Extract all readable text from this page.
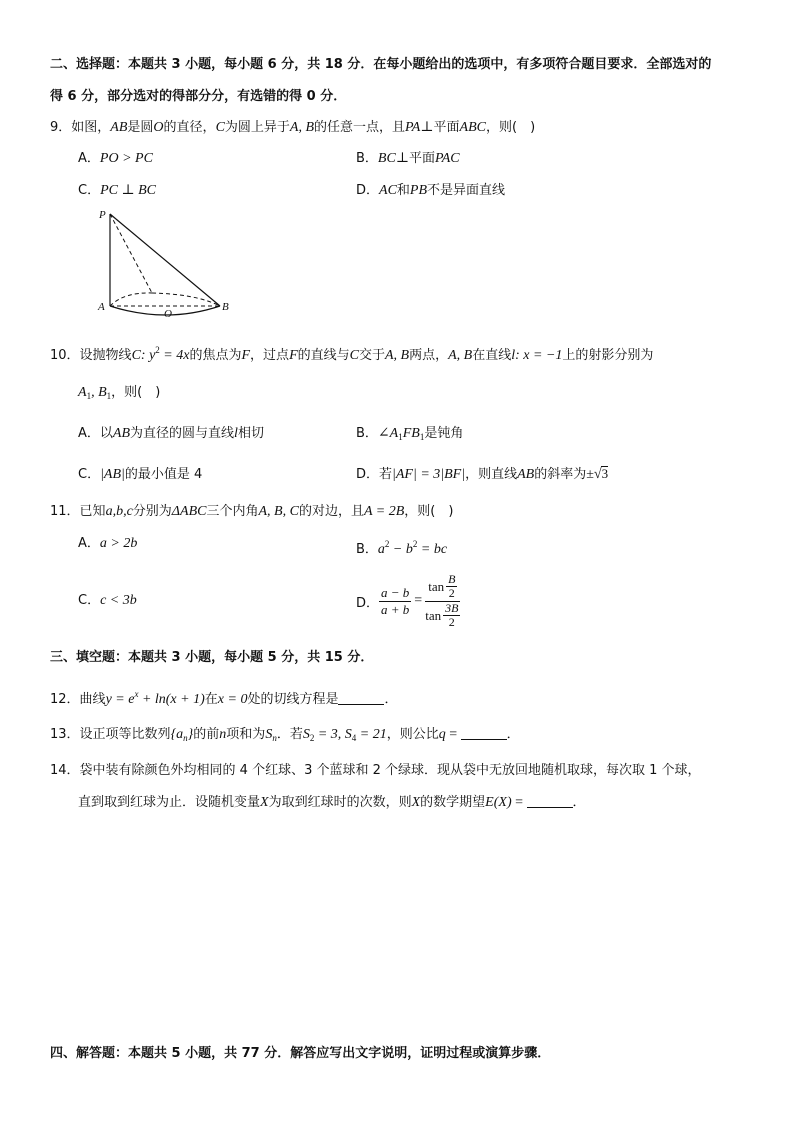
二、选择题：本题共 3 小题，每小题 6 分，共 18 分．在每小题给出的选项中，有多项符合题目要求．全部选对的
得 6 分，部分选对的得部分分，有选错的得 0 分．
9．如图，AB是圆O的直径，C为圆上异于A, B的任意一点，且PA⊥平面ABC，则(　)
A．PO > PC	B．BC⊥平面PAC
C．PC ⊥ BC	D．AC和PB不是异面直线
P
A	B
O
10．设抛物线C: $y^2 = 4x$的焦点为F，过点F的直线与C交于A, B两点，A, B在直线l: x = −1上的射影分别为
$A_1$, $B_1$，则(　)
A．以AB为直径的圆与直线l相切	B．$\angle A_1FB_1$是钝角
C．|AB|的最小值是 4	D．若|AF| = 3|BF|，则直线AB的斜率为±√3
11．已知a,b,c分别为ΔABC三个内角A, B, C的对边，且A = 2B，则(　)
A．a > 2b	B．$a^2 - b^2$ = bc
C．c < 3b	D． $\frac{a - b}{a + b} = \frac{\tan \frac{B}{2}}{\tan \frac{3B}{2}}$
三、填空题：本题共 3 小题，每小题 5 分，共 15 分．
12．曲线$y = e^x + \ln(x + 1)$在x = 0处的切线方程是	．
13．设正项等比数列$\{a_n\}$的前n项和为$S_n$．若$S_2 = 3$, $S_4 = 21$，则公比q =	．
14．袋中装有除颜色外均相同的 4 个红球、3 个蓝球和 2 个绿球．现从袋中无放回地随机取球，每次取 1 个球，
直到取到红球为止．设随机变量X为取到红球时的次数，则X的数学期望E(X) =	．
四、解答题：本题共 5 小题，共 77 分．解答应写出文字说明，证明过程或演算步骤．
